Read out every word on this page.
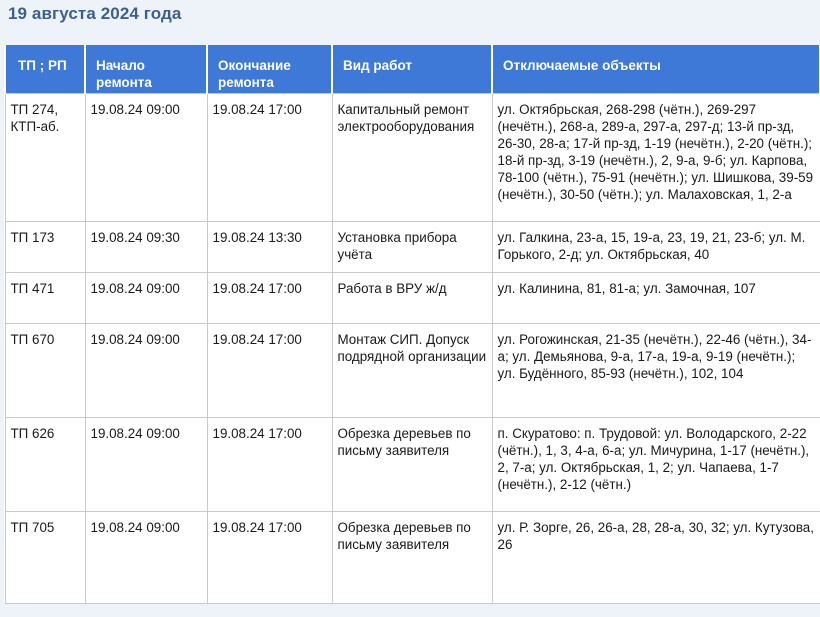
19 августа 2024 года
ТП ; РП	Начало ремонта	Окончание ремонта	Вид работ	Отключаемые объекты
ТП 274, КТП-аб.	19.08.24 09:00	19.08.24 17:00	Капитальный ремонт электрооборудования	ул. Октябрьская, 268-298 (чётн.), 269-297 (нечётн.), 268-а, 289-а, 297-а, 297-д; 13-й пр-зд, 26-30, 28-а; 17-й пр-зд, 1-19 (нечётн.), 2-20 (чётн.); 18-й пр-зд, 3-19 (нечётн.), 2, 9-а, 9-б; ул. Карпова, 78-100 (чётн.), 75-91 (нечётн.); ул. Шишкова, 39-59 (нечётн.), 30-50 (чётн.); ул. Малаховская, 1, 2-а
ТП 173	19.08.24 09:30	19.08.24 13:30	Установка прибора учёта	ул. Галкина, 23-а, 15, 19-а, 23, 19, 21, 23-б; ул. М. Горького, 2-д; ул. Октябрьская, 40
ТП 471	19.08.24 09:00	19.08.24 17:00	Работа в ВРУ ж/д	ул. Калинина, 81, 81-а; ул. Замочная, 107
ТП 670	19.08.24 09:00	19.08.24 17:00	Монтаж СИП. Допуск подрядной организации	ул. Рогожинская, 21-35 (нечётн.), 22-46 (чётн.), 34-а; ул. Демьянова, 9-а, 17-а, 19-а, 9-19 (нечётн.); ул. Будённого, 85-93 (нечётн.), 102, 104
ТП 626	19.08.24 09:00	19.08.24 17:00	Обрезка деревьев по письму заявителя	п. Скуратово: п. Трудовой: ул. Володарского, 2-22 (чётн.), 1, 3, 4-а, 6-а; ул. Мичурина, 1-17 (нечётн.), 2, 7-а; ул. Октябрьская, 1, 2; ул. Чапаева, 1-7 (нечётн.), 2-12 (чётн.)
ТП 705	19.08.24 09:00	19.08.24 17:00	Обрезка деревьев по письму заявителя	ул. Р. Зорге, 26, 26-а, 28, 28-а, 30, 32; ул. Кутузова, 26
